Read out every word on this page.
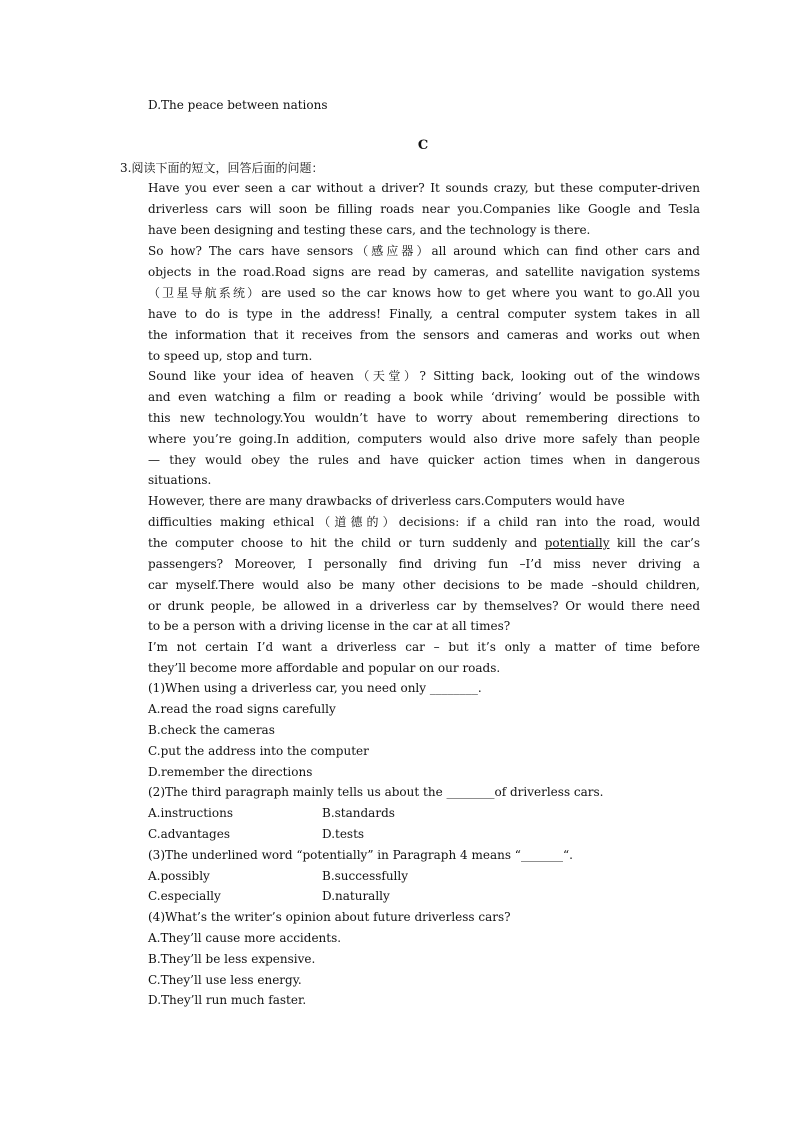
D.The peace between nations
C
3.阅读下面的短文，回答后面的问题：
Have you ever seen a car without a driver? It sounds crazy, but these computer-driven
driverless cars will soon be filling roads near you.Companies like Google and Tesla
have been designing and testing these cars, and the technology is there.
So how? The cars have sensors（感应器）all around which can find other cars and
objects in the road.Road signs are read by cameras, and satellite navigation systems
（卫星导航系统）are used so the car knows how to get where you want to go.All you
have to do is type in the address! Finally, a central computer system takes in all
the information that it receives from the sensors and cameras and works out when
to speed up, stop and turn.
Sound like your idea of heaven（天堂）? Sitting back, looking out of the windows
and even watching a film or reading a book while ‘driving’ would be possible with
this new technology.You wouldn’t have to worry about remembering directions to
where you’re going.In addition, computers would also drive more safely than people
— they would obey the rules and have quicker action times when in dangerous
situations.
However, there are many drawbacks of driverless cars.Computers would have
difficulties making ethical（道德的）decisions: if a child ran into the road, would
the computer choose to hit the child or turn suddenly and potentially kill the car’s
passengers? Moreover, I personally find driving fun –I’d miss never driving a
car myself.There would also be many other decisions to be made –should children,
or drunk people, be allowed in a driverless car by themselves? Or would there need
to be a person with a driving license in the car at all times?
I’m not certain I’d want a driverless car – but it’s only a matter of time before
they’ll become more affordable and popular on our roads.
(1)When using a driverless car, you need only ________.
A.read the road signs carefully
B.check the cameras
C.put the address into the computer
D.remember the directions
(2)The third paragraph mainly tells us about the ________of driverless cars.
A.instructions	B.standards
C.advantages	D.tests
(3)The underlined word “potentially” in Paragraph 4 means “_______“.
A.possibly	B.successfully
C.especially	D.naturally
(4)What’s the writer’s opinion about future driverless cars?
A.They’ll cause more accidents.
B.They’ll be less expensive.
C.They’ll use less energy.
D.They’ll run much faster.
